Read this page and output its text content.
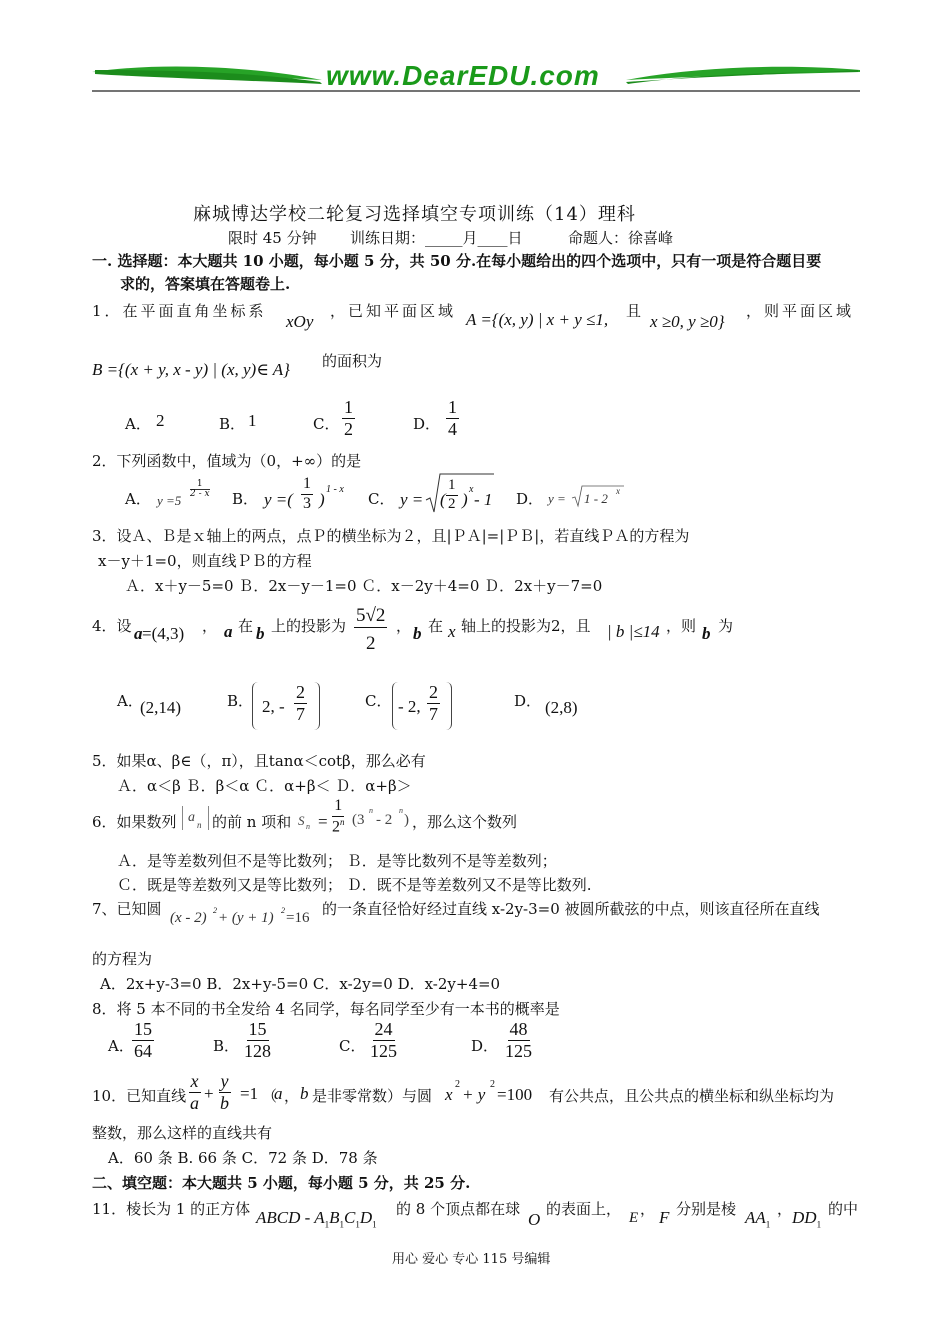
www.DearEDU.com
麻城博达学校二轮复习选择填空专项训练（14）理科
限时 45 分钟 训练日期：_____月____日	命题人：徐喜峰
一. 选择题：本大题共 10 小题，每小题 5 分，共 50 分.在每小题给出的四个选项中，只有一项是符合题目要
求的，答案填在答题卷上.
1．在平面直角坐标系
xOy
，已知平面区域 A ={(x, y) | x + y ≤1, 且
x ≥0, y ≥0}
，则平面区域
B ={(x + y, x - y) | (x, y)∈ A} 的面积为
A． 2	B． 1	C． $\frac{1}{2}$	D． $\frac{1}{4}$
2．下列函数中，值域为（0，+∞）的是
A． y =5
1
2 - x B． y =( $\frac{1}{3}$ )
1 - x
C． y = ( $\frac{1}{2}$ )
x
- 1 D． y = 1 - 2 x
3．设Ａ、Ｂ是ｘ轴上的两点，点Ｐ的横坐标为２，且|ＰＡ|=|ＰＢ|，若直线ＰＡ的方程为
x－y＋1=0，则直线ＰＢ的方程
Ａ．x＋y－5=0 Ｂ．2x－y－1=0 Ｃ．x－2y＋4=0 Ｄ．2x＋y－7=0
4．设 a =(4,3) ， a 在 b 上的投影为 $\frac{5√2}{2}$ ， b 在 x 轴上的投影为2，且 | b |≤14 ，则 b 为
A．
(2,14)	B． 2, - $\frac{2}{7}$	C． - 2, $\frac{2}{7}$	D． (2,8)
5．如果α、β∈（，π），且tanα＜cotβ，那么必有
Ａ．α＜β Ｂ．β＜α Ｃ．α+β＜ Ｄ．α+β＞
6．如果数列 a n 的前 n 项和 S $n = \frac{1}{2^n} (3$
n
- 2
n
) ，那么这个数列
Ａ．是等差数列但不是等比数列； Ｂ．是等比数列不是等差数列；
Ｃ．既是等差数列又是等比数列； Ｄ．既不是等差数列又不是等比数列.
7、已知圆 (x - 2) 2 + (y + 1) 2 =16 的一条直径恰好经过直线 x-2y-3=0 被圆所截弦的中点，则该直径所在直线
的方程为
A．2x+y-3=0 B．2x+y-5=0 C．x-2y=0 D．x-2y+4=0
8．将 5 本不同的书全发给 4 名同学，每名同学至少有一本书的概率是
A．
$\frac{15}{64}$	B． $\frac{15}{128}$	C． $\frac{24}{125}$	D． $\frac{48}{125}$
10．已知直线 $\frac{x}{a} + \frac{y}{b} =1$ （
a ， b 是非零常数）与圆 x
2
+ y
2
=100 有公共点，且公共点的横坐标和纵坐标均为
整数，那么这样的直线共有
A．60 条 B. 66 条 C．72 条 D．78 条
二、填空题：本大题共 5 小题，每小题 5 分，共 25 分.
11．棱长为 1 的正方体 ABCD - $A_1B_1C_1D_1$
的 8 个顶点都在球
O
的表面上， E ， F 分别是棱 $AA_1$
， $DD_1$
的中
用心 爱心 专心 115 号编辑
